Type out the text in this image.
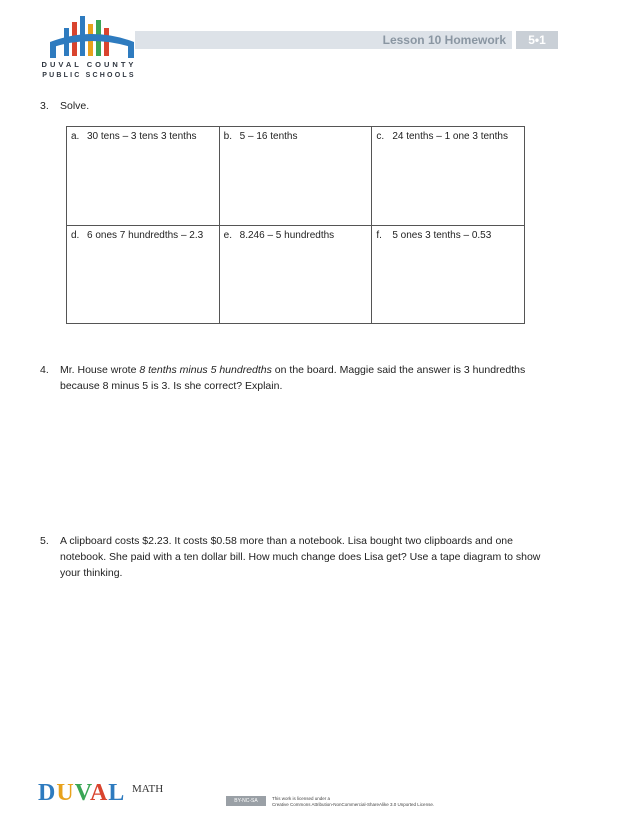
DUVAL COUNTY
PUBLIC SCHOOLS
Lesson 10 Homework	5•1
3. Solve.
a. 30 tens – 3 tens 3 tenths	b. 5 – 16 tenths	c. 24 tenths – 1 one 3 tenths
d. 6 ones 7 hundredths – 2.3	e. 8.246 – 5 hundredths	f. 5 ones 3 tenths – 0.53
4. Mr. House wrote 8 tenths minus 5 hundredths on the board. Maggie said the answer is 3 hundredths
because 8 minus 5 is 3. Is she correct? Explain.
5. A clipboard costs $2.23. It costs $0.58 more than a notebook. Lisa bought two clipboards and one
notebook. She paid with a ten dollar bill. How much change does Lisa get? Use a tape diagram to show
your thinking.
DUVAL MATH
BY-NC-SA	This work is licensed under a
Creative Commons Attribution-NonCommercial-ShareAlike 3.0 Unported License.
